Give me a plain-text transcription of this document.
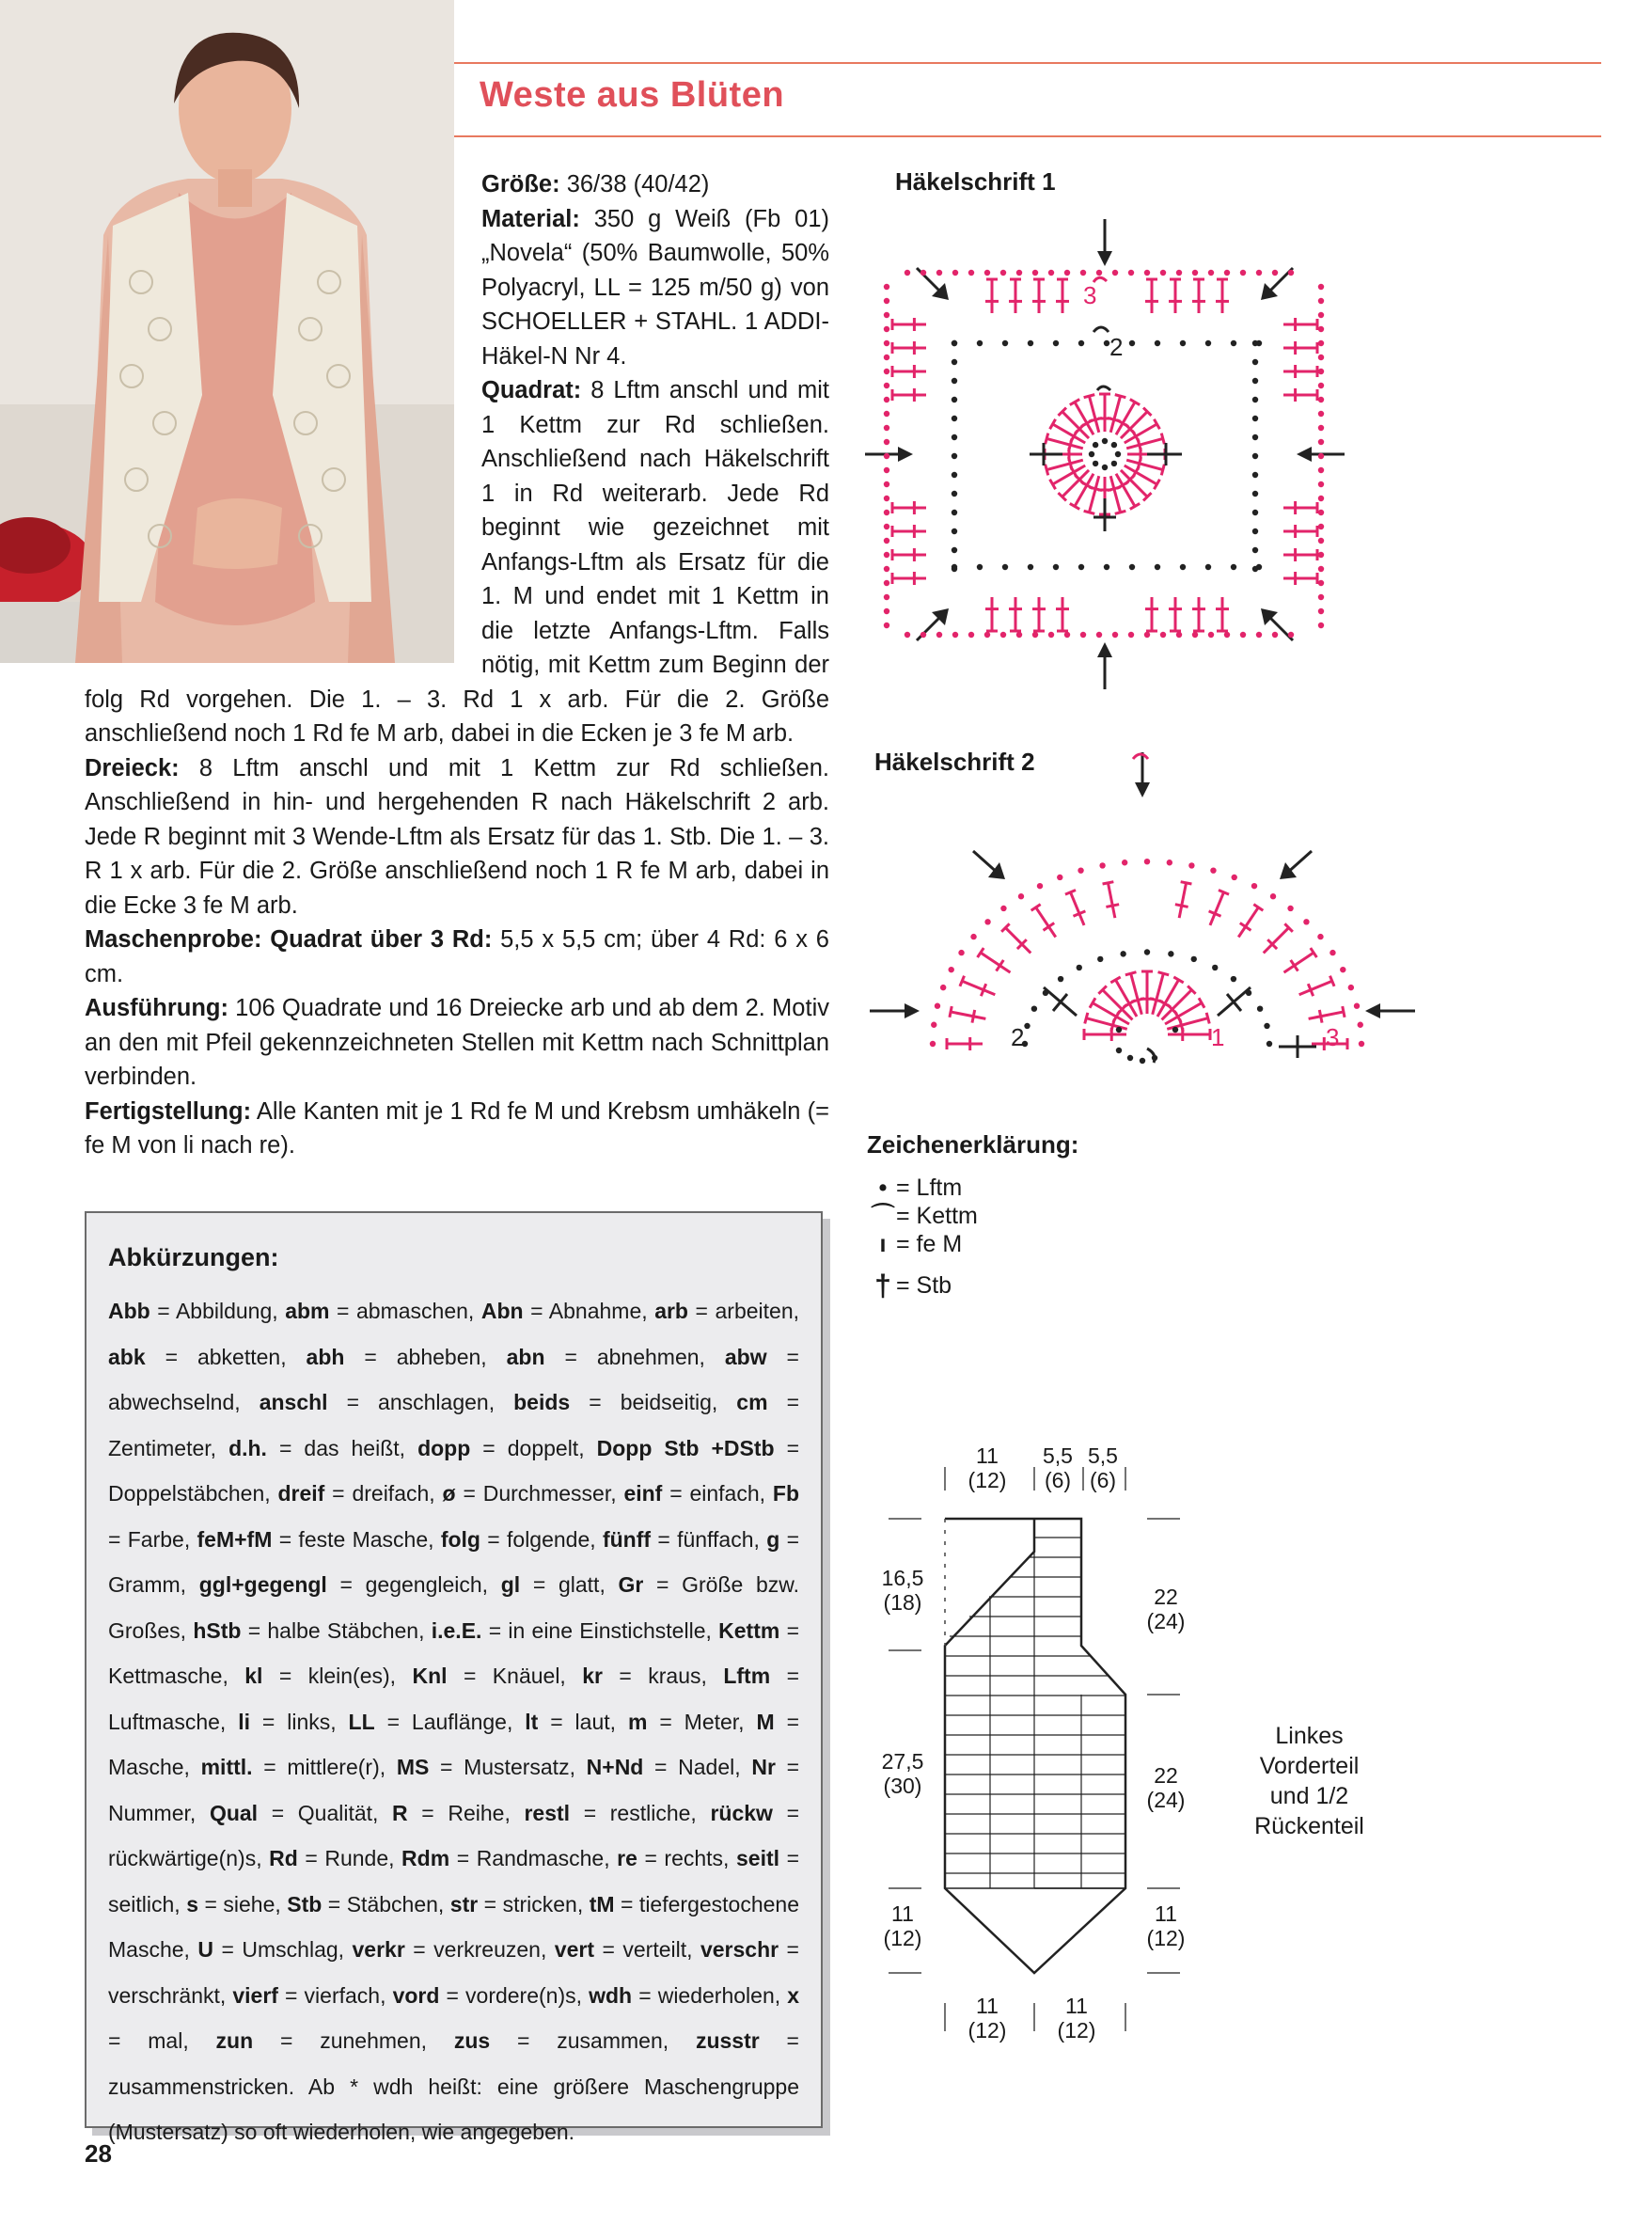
Weste aus Blüten

Größe: 36/38 (40/42)

Material: 350 g Weiß (Fb 01) „Novela“ (50% Baumwolle, 50% Polyacryl, LL = 125 m/50 g) von SCHOELLER + STAHL. 1 ADDI-Häkel-N Nr 4.

Quadrat: 8 Lftm anschl und mit 1 Kettm zur Rd schließen. Anschließend nach Häkelschrift 1 in Rd weiterarb. Jede Rd beginnt wie gezeichnet mit Anfangs-Lftm als Ersatz für die 1. M und endet mit 1 Kettm in die letzte Anfangs-Lftm. Falls nötig, mit Kettm zum Beginn der folg Rd vorgehen. Die 1. – 3. Rd 1 x arb. Für die 2. Größe anschließend noch 1 Rd fe M arb, dabei in die Ecken je 3 fe M arb.

Dreieck: 8 Lftm anschl und mit 1 Kettm zur Rd schließen. Anschließend in hin- und hergehenden R nach Häkelschrift 2 arb. Jede R beginnt mit 3 Wende-Lftm als Ersatz für das 1. Stb. Die 1. – 3. R 1 x arb. Für die 2. Größe anschließend noch 1 R fe M arb, dabei in die Ecke 3 fe M arb.

Maschenprobe: Quadrat über 3 Rd: 5,5 x 5,5 cm; über 4 Rd: 6 x 6 cm.

Ausführung: 106 Quadrate und 16 Dreiecke arb und ab dem 2. Motiv an den mit Pfeil gekennzeichneten Stellen mit Kettm nach Schnittplan verbinden.

Fertigstellung: Alle Kanten mit je 1 Rd fe M und Krebsm umhäkeln (= fe M von li nach re).

Häkelschrift 1
3
2
Häkelschrift 2
2	1	3
Zeichenerklärung:
• = Lftm
⌒ = Kettm
ı = fe M
† = Stb
Abkürzungen:
Abb = Abbildung, abm = abmaschen, Abn = Abnahme, arb = arbeiten, abk = abketten, abh = abheben, abn = abnehmen, abw = abwechselnd, anschl = anschlagen, beids = beidseitig, cm = Zentimeter, d.h. = das heißt, dopp = doppelt, Dopp Stb +DStb = Doppelstäbchen, dreif = dreifach, ø = Durchmesser, einf = einfach, Fb = Farbe, feM+fM = feste Masche, folg = folgende, fünff = fünffach, g = Gramm, ggl+gegengl = gegengleich, gl = glatt, Gr = Größe bzw. Großes, hStb = halbe Stäbchen, i.e.E. = in eine Einstichstelle, Kettm = Kettmasche, kl = klein(es), Knl = Knäuel, kr = kraus, Lftm = Luftmasche, li = links, LL = Lauflänge, lt = laut, m = Meter, M = Masche, mittl. = mittlere(r), MS = Mustersatz, N+Nd = Nadel, Nr = Nummer, Qual = Qualität, R = Reihe, restl = restliche, rückw = rückwärtige(n)s, Rd = Runde, Rdm = Randmasche, re = rechts, seitl = seitlich, s = siehe, Stb = Stäbchen, str = stricken, tM = tiefergestochene Masche, U = Umschlag, verkr = verkreuzen, vert = verteilt, verschr = verschränkt, vierf = vierfach, vord = vordere(n)s, wdh = wiederholen, x = mal, zun = zunehmen, zus = zusammen, zusstr = zusammenstricken. Ab * wdh heißt: eine größere Maschengruppe (Mustersatz) so oft wiederholen, wie angegeben.
11
(12)
5,5
(6)
5,5
(6)
11
(12)
11
(12)
16,5
(18)
27,5
(30)
11
(12)
22
(24)
22
(24)
11
(12)
Linkes
Vorderteil
und 1/2
Rückenteil
28
